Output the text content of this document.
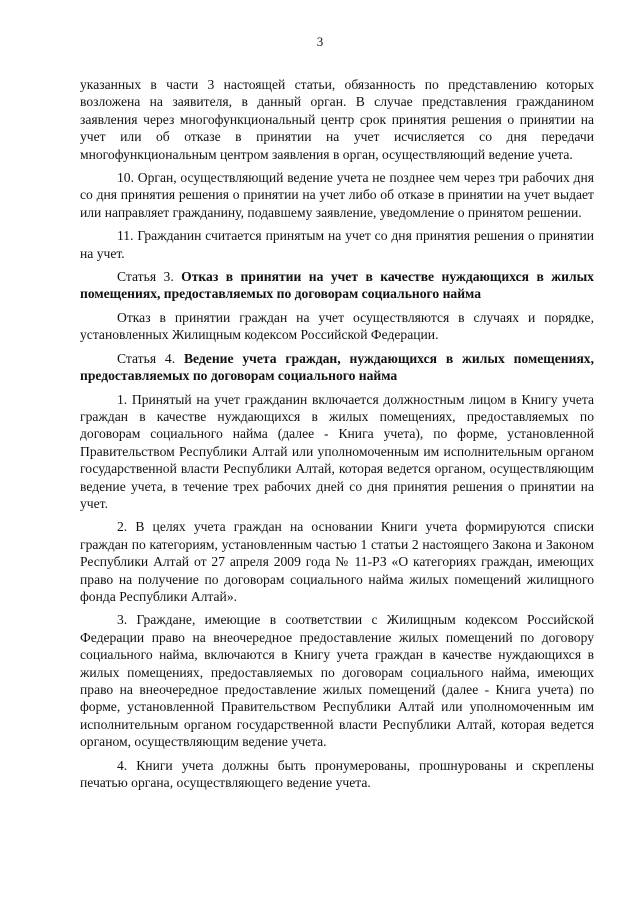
3

указанных в части 3 настоящей статьи, обязанность по представлению которых возложена на заявителя, в данный орган. В случае представления гражданином заявления через многофункциональный центр срок принятия решения о принятии на учет или об отказе в принятии на учет исчисляется со дня передачи многофункциональным центром заявления в орган, осуществляющий ведение учета.

10. Орган, осуществляющий ведение учета не позднее чем через три рабочих дня со дня принятия решения о принятии на учет либо об отказе в принятии на учет выдает или направляет гражданину, подавшему заявление, уведомление о принятом решении.

11. Гражданин считается принятым на учет со дня принятия решения о принятии на учет.

Статья 3. Отказ в принятии на учет в качестве нуждающихся в жилых помещениях, предоставляемых по договорам социального найма

Отказ в принятии граждан на учет осуществляются в случаях и порядке, установленных Жилищным кодексом Российской Федерации.

Статья 4. Ведение учета граждан, нуждающихся в жилых помещениях, предоставляемых по договорам социального найма

1. Принятый на учет гражданин включается должностным лицом в Книгу учета граждан в качестве нуждающихся в жилых помещениях, предоставляемых по договорам социального найма (далее - Книга учета), по форме, установленной Правительством Республики Алтай или уполномоченным им исполнительным органом государственной власти Республики Алтай, которая ведется органом, осуществляющим ведение учета, в течение трех рабочих дней со дня принятия решения о принятии на учет.

2. В целях учета граждан на основании Книги учета формируются списки граждан по категориям, установленным частью 1 статьи 2 настоящего Закона и Законом Республики Алтай от 27 апреля 2009 года № 11-РЗ «О категориях граждан, имеющих право на получение по договорам социального найма жилых помещений жилищного фонда Республики Алтай».

3. Граждане, имеющие в соответствии с Жилищным кодексом Российской Федерации право на внеочередное предоставление жилых помещений по договору социального найма, включаются в Книгу учета граждан в качестве нуждающихся в жилых помещениях, предоставляемых по договорам социального найма, имеющих право на внеочередное предоставление жилых помещений (далее - Книга учета) по форме, установленной Правительством Республики Алтай или уполномоченным им исполнительным органом государственной власти Республики Алтай, которая ведется органом, осуществляющим ведение учета.

4. Книги учета должны быть пронумерованы, прошнурованы и скреплены печатью органа, осуществляющего ведение учета.
